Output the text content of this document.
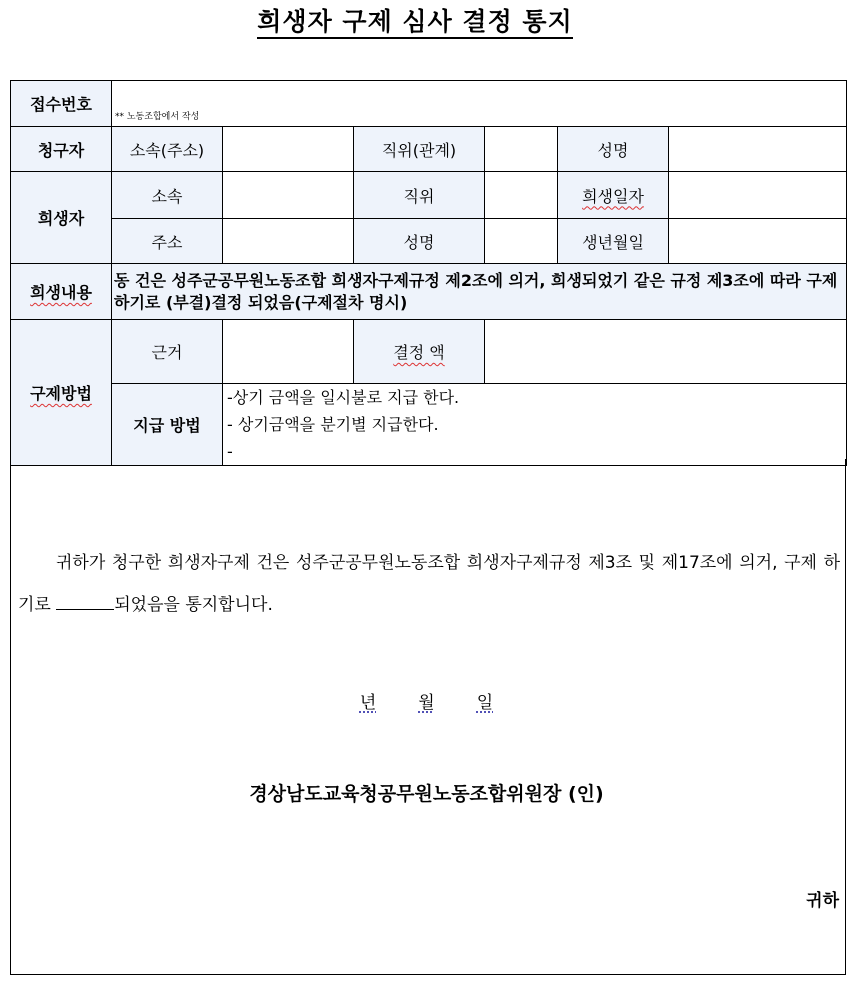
희생자 구제 심사 결정 통지
접수번호	** 노동조합에서 작성					

청구자	소속(주소)		직위(관계)		성명	
희생자	소속		직위		희생일자	
	주소		성명		생년월일	
희생내용	동 건은 성주군공무원노동조합 희생자구제규정 제2조에 의거, 희생되었기 같은 규정 제3조에 따라 구제하기로 (부결)결정 되었음(구제절차 명시)					
구제방법	근거		결정 액			
	지급 방법	-상기 금액을 일시불로 지급 한다.
- 상기금액을 분기별 지급한다.
-				
귀하가 청구한 희생자구제 건은 성주군공무원노동조합 희생자구제규정 제3조 및 제17조에 의거, 구제 하기로	되었음을 통지합니다.
년 월 일
경상남도교육청공무원노동조합위원장 (인)
귀하
